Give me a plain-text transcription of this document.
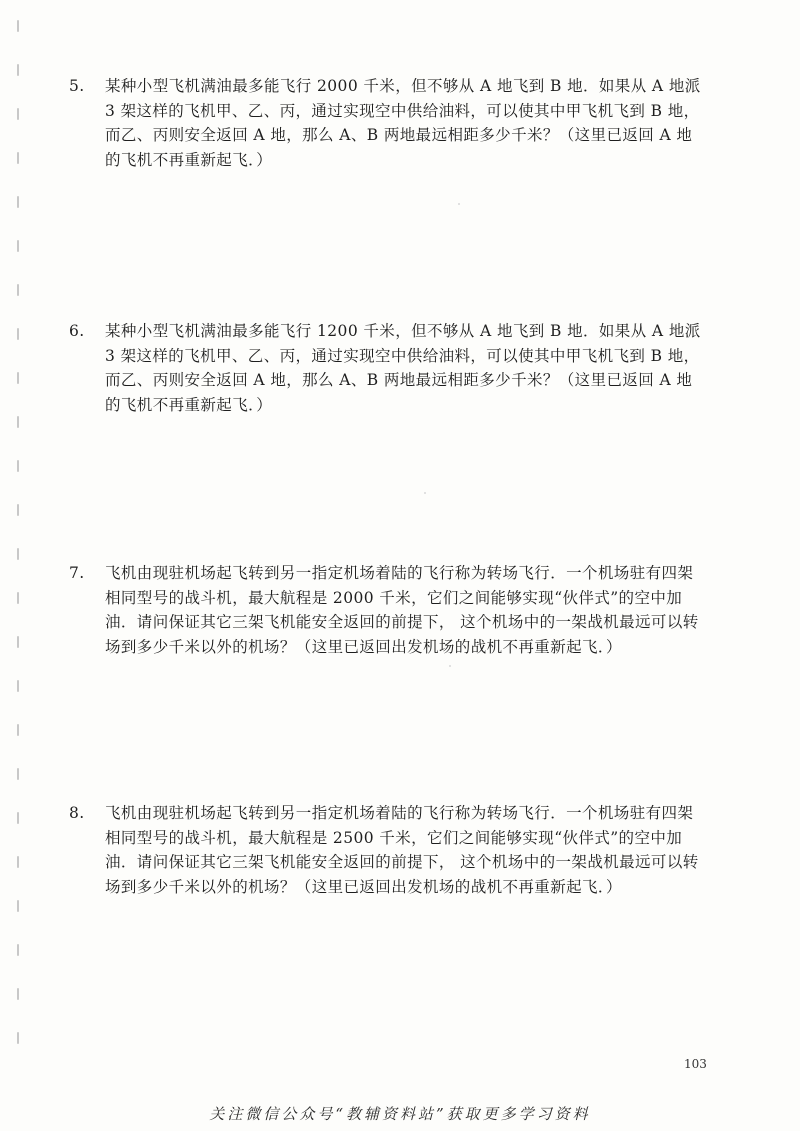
5. 某种小型飞机满油最多能飞行 2000 千米，但不够从 A 地飞到 B 地．如果从 A 地派 3 架这样的飞机甲、乙、丙，通过实现空中供给油料，可以使其中甲飞机飞到 B 地，而乙、丙则安全返回 A 地，那么 A、B 两地最远相距多少千米？（这里已返回 A 地的飞机不再重新起飞．）
6. 某种小型飞机满油最多能飞行 1200 千米，但不够从 A 地飞到 B 地．如果从 A 地派 3 架这样的飞机甲、乙、丙，通过实现空中供给油料，可以使其中甲飞机飞到 B 地，而乙、丙则安全返回 A 地，那么 A、B 两地最远相距多少千米？（这里已返回 A 地的飞机不再重新起飞．）
7. 飞机由现驻机场起飞转到另一指定机场着陆的飞行称为转场飞行．一个机场驻有四架相同型号的战斗机，最大航程是 2000 千米，它们之间能够实现“伙伴式”的空中加油．请问保证其它三架飞机能安全返回的前提下， 这个机场中的一架战机最远可以转场到多少千米以外的机场？（这里已返回出发机场的战机不再重新起飞．）
8. 飞机由现驻机场起飞转到另一指定机场着陆的飞行称为转场飞行．一个机场驻有四架相同型号的战斗机，最大航程是 2500 千米，它们之间能够实现“伙伴式”的空中加油．请问保证其它三架飞机能安全返回的前提下， 这个机场中的一架战机最远可以转场到多少千米以外的机场？（这里已返回出发机场的战机不再重新起飞．）
103
关注微信公众号“教辅资料站”获取更多学习资料
